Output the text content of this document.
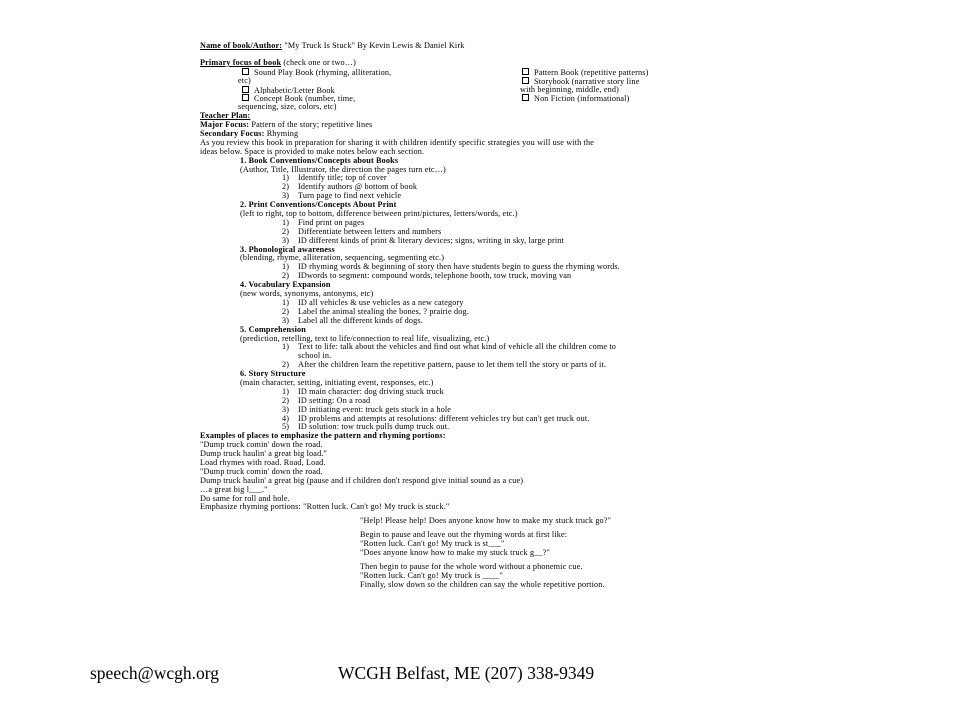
Name of book/Author: "My Truck Is Stuck" By Kevin Lewis & Daniel Kirk
Primary focus of book (check one or two…)
Sound Play Book (rhyming, alliteration,
etc)
Alphabetic/Letter Book
Concept Book (number, time,
sequencing, size, colors, etc)
Pattern Book (repetitive patterns)
Storybook (narrative story line
with beginning, middle, end)
Non Fiction (informational)
Teacher Plan:
Major Focus: Pattern of the story; repetitive lines
Secondary Focus: Rhyming
As you review this book in preparation for sharing it with children identify specific strategies you will use with the
ideas below. Space is provided to make notes below each section.
1. Book Conventions/Concepts about Books
(Author, Title, Illustrator, the direction the pages turn etc…)
1) Identify title; top of cover
2) Identify authors @ bottom of book
3) Turn page to find next vehicle
2. Print Conventions/Concepts About Print
(left to right, top to bottom, difference between print/pictures, letters/words, etc.)
1) Find print on pages
2) Differentiate between letters and numbers
3) ID different kinds of print & literary devices; signs, writing in sky, large print
3. Phonological awareness
(blending, rhyme, alliteration, sequencing, segmenting etc.)
1) ID rhyming words & beginning of story then have students begin to guess the rhyming words.
2) IDwords to segment: compound words, telephone booth, tow truck, moving van
4. Vocabulary Expansion
(new words, synonyms, antonyms, etc)
1) ID all vehicles & use vehicles as a new category
2) Label the animal stealing the bones, ? prairie dog.
3) Label all the different kinds of dogs.
5. Comprehension
(prediction, retelling, text to life/connection to real life, visualizing, etc.)
1) Text to life: talk about the vehicles and find out what kind of vehicle all the children come to
school in.
2) After the children learn the repetitive pattern, pause to let them tell the story or parts of it.
6. Story Structure
(main character, setting, initiating event, responses, etc.)
1) ID main character: dog driving stuck truck
2) ID setting: On a road
3) ID initiating event: truck gets stuck in a hole
4) ID problems and attempts at resolutions: different vehicles try but can't get truck out.
5) ID solution: tow truck pulls dump truck out.
Examples of places to emphasize the pattern and rhyming portions:
"Dump truck comin' down the road.
Dump truck haulin' a great big load."
Load rhymes with road. Road, Load.
"Dump truck comin' down the road.
Dump truck haulin' a great big (pause and if children don't respond give initial sound as a cue)
…a great big l___."
Do same for roll and hole.
Emphasize rhyming portions: "Rotten luck. Can't go! My truck is stuck."
"Help! Please help! Does anyone know how to make my stuck truck go?"
Begin to pause and leave out the rhyming words at first like:
"Rotten luck. Can't go! My truck is st___"
"Does anyone know how to make my stuck truck g__?"
Then begin to pause for the whole word without a phonemic cue.
"Rotten luck. Can't go! My truck is ____"
Finally, slow down so the children can say the whole repetitive portion.
speech@wcgh.org	WCGH Belfast, ME (207) 338-9349
